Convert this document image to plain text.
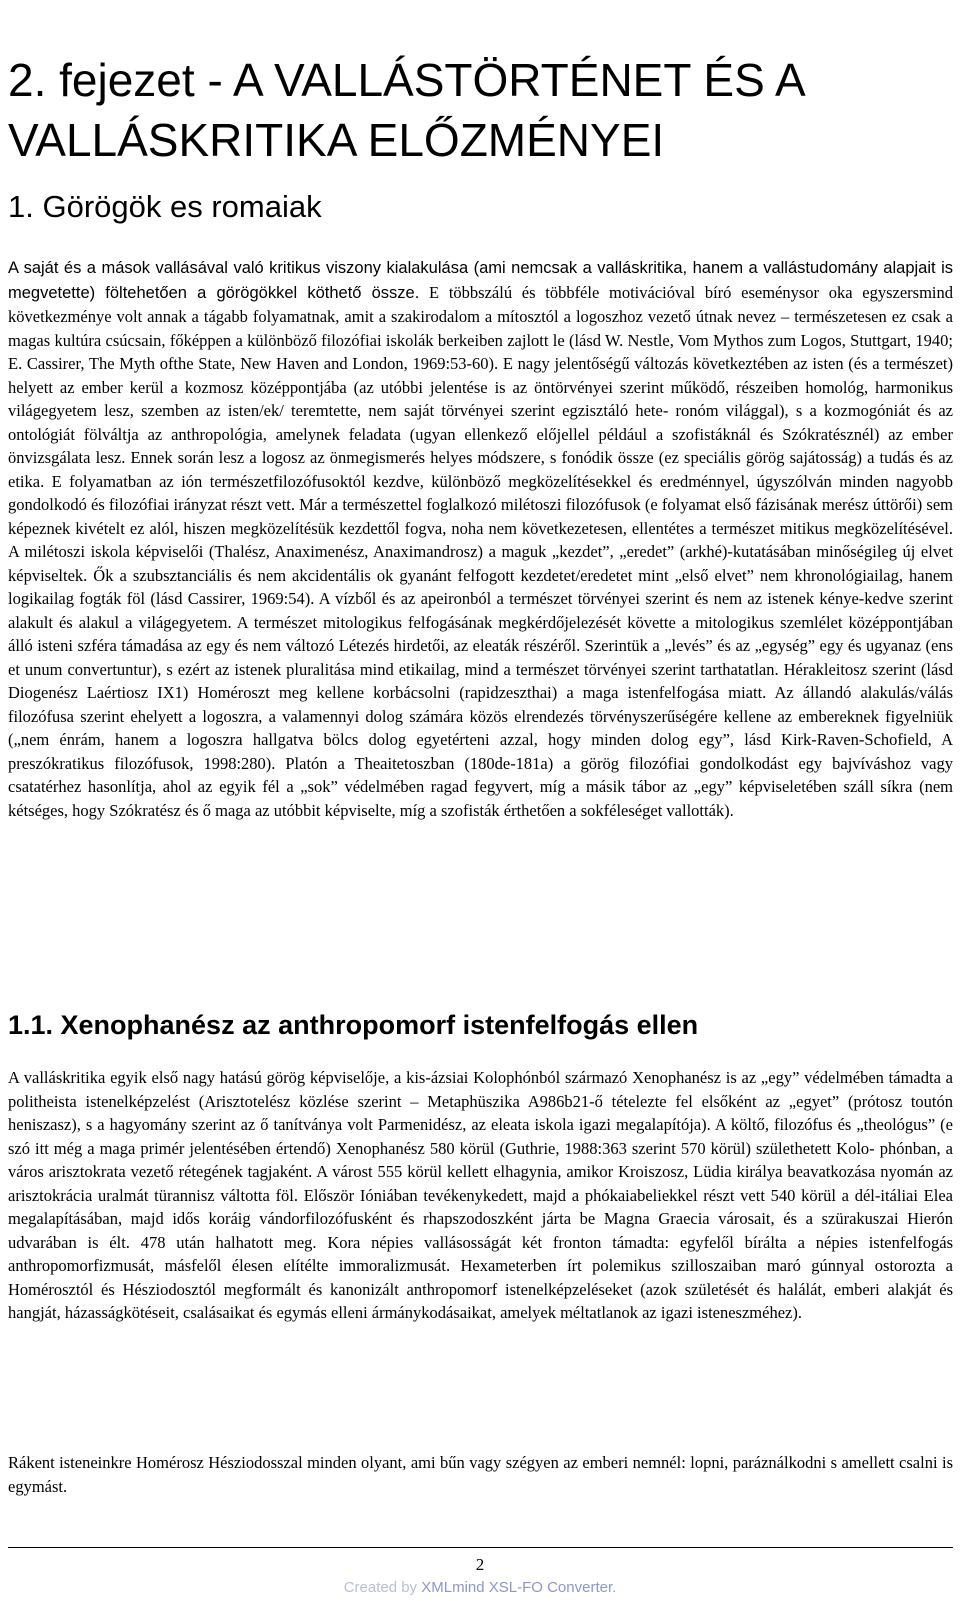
2. fejezet - A VALLÁSTÖRTÉNET ÉS A VALLÁSKRITIKA ELŐZMÉNYEI
1. Görögök es romaiak

A saját és a mások vallásával való kritikus viszony kialakulása (ami nemcsak a valláskritika, hanem a vallástudomány alapjait is megvetette) föltehetően a görögökkel köthető össze. E többszálú és többféle motivációval bíró eseménysor oka egyszersmind következménye volt annak a tágabb folyamatnak, amit a szakirodalom a mítosztól a logoszhoz vezető útnak nevez – természetesen ez csak a magas kultúra csúcsain, főképpen a különböző filozófiai iskolák berkeiben zajlott le (lásd W. Nestle, Vom Mythos zum Logos, Stuttgart, 1940; E. Cassirer, The Myth ofthe State, New Haven and London, 1969:53-60). E nagy jelentőségű változás következtében az isten (és a természet) helyett az ember kerül a kozmosz középpontjába (az utóbbi jelentése is az öntörvényei szerint működő, részeiben homológ, harmonikus világegyetem lesz, szemben az isten/ek/ teremtette, nem saját törvényei szerint egzisztáló hete- ronóm világgal), s a kozmogóniát és az ontológiát fölváltja az anthropológia, amelynek feladata (ugyan ellenkező előjellel például a szofistáknál és Szókratésznél) az ember önvizsgálata lesz. Ennek során lesz a logosz az önmegismerés helyes módszere, s fonódik össze (ez speciális görög sajátosság) a tudás és az etika. E folyamatban az ión természetfilozófusoktól kezdve, különböző megközelítésekkel és eredménnyel, úgyszólván minden nagyobb gondolkodó és filozófiai irányzat részt vett. Már a természettel foglalkozó milétoszi filozófusok (e folyamat első fázisának merész úttörői) sem képeznek kivételt ez alól, hiszen megközelítésük kezdettől fogva, noha nem következetesen, ellentétes a természet mitikus megközelítésével. A milétoszi iskola képviselői (Thalész, Anaximenész, Anaximandrosz) a maguk „kezdet”, „eredet” (arkhé)-kutatásában minőségileg új elvet képviseltek. Ők a szubsztanciális és nem akcidentális ok gyanánt felfogott kezdetet/eredetet mint „első elvet” nem khronológiailag, hanem logikailag fogták föl (lásd Cassirer, 1969:54). A vízből és az apeironból a természet törvényei szerint és nem az istenek kénye-kedve szerint alakult és alakul a világegyetem. A természet mitologikus felfogásának megkérdőjelezését követte a mitologikus szemlélet középpontjában álló isteni szféra támadása az egy és nem változó Létezés hirdetői, az eleaták részéről. Szerintük a „levés” és az „egység” egy és ugyanaz (ens et unum convertuntur), s ezért az istenek pluralitása mind etikailag, mind a természet törvényei szerint tarthatatlan. Hérakleitosz szerint (lásd Diogenész Laértiosz IX1) Homéroszt meg kellene korbácsolni (rapidzeszthai) a maga istenfelfogása miatt. Az állandó alakulás/válás filozófusa szerint ehelyett a logoszra, a valamennyi dolog számára közös elrendezés törvényszerűségére kellene az embereknek figyelniük („nem énrám, hanem a logoszra hallgatva bölcs dolog egyetérteni azzal, hogy minden dolog egy”, lásd Kirk-Raven-Schofield, A preszókratikus filozófusok, 1998:280). Platón a Theaitetoszban (180de-181a) a görög filozófiai gondolkodást egy bajvíváshoz vagy csatatérhez hasonlítja, ahol az egyik fél a „sok” védelmében ragad fegyvert, míg a másik tábor az „egy” képviseletében száll síkra (nem kétséges, hogy Szókratész és ő maga az utóbbit képviselte, míg a szofisták érthetően a sokféleséget vallották).

1.1. Xenophanész az anthropomorf istenfelfogás ellen

A valláskritika egyik első nagy hatású görög képviselője, a kis-ázsiai Kolophónból származó Xenophanész is az „egy” védelmében támadta a politheista istenelképzelést (Arisztotelész közlése szerint – Metaphüszika A986b21-ő tételezte fel elsőként az „egyet” (prótosz toutón heniszasz), s a hagyomány szerint az ő tanítványa volt Parmenidész, az eleata iskola igazi megalapítója). A költő, filozófus és „theológus” (e szó itt még a maga primér jelentésében értendő) Xenophanész 580 körül (Guthrie, 1988:363 szerint 570 körül) születhetett Kolo- phónban, a város arisztokrata vezető rétegének tagjaként. A várost 555 körül kellett elhagynia, amikor Kroiszosz, Lüdia királya beavatkozása nyomán az arisztokrácia uralmát türannisz váltotta föl. Először Ióniában tevékenykedett, majd a phókaiabeliekkel részt vett 540 körül a dél-itáliai Elea megalapításában, majd idős koráig vándorfilozófusként és rhapszodoszként járta be Magna Graecia városait, és a szürakuszai Hierón udvarában is élt. 478 után halhatott meg. Kora népies vallásosságát két fronton támadta: egyfelől bírálta a népies istenfelfogás anthropomorfizmusát, másfelől élesen elítélte immoralizmusát. Hexameterben írt polemikus szilloszaiban maró gúnnyal ostorozta a Homérosztól és Hésziodosztól megformált és kanonizált anthropomorf istenelképzeléseket (azok születését és halálát, emberi alakját és hangját, házasságkötéseit, csalásaikat és egymás elleni ármánykodásaikat, amelyek méltatlanok az igazi isteneszméhez).

Rákent isteneinkre Homérosz Hésziodosszal minden olyant, ami bűn vagy szégyen az emberi nemnél: lopni, paráználkodni s amellett csalni is egymást.

2
Created by XMLmind XSL-FO Converter.
